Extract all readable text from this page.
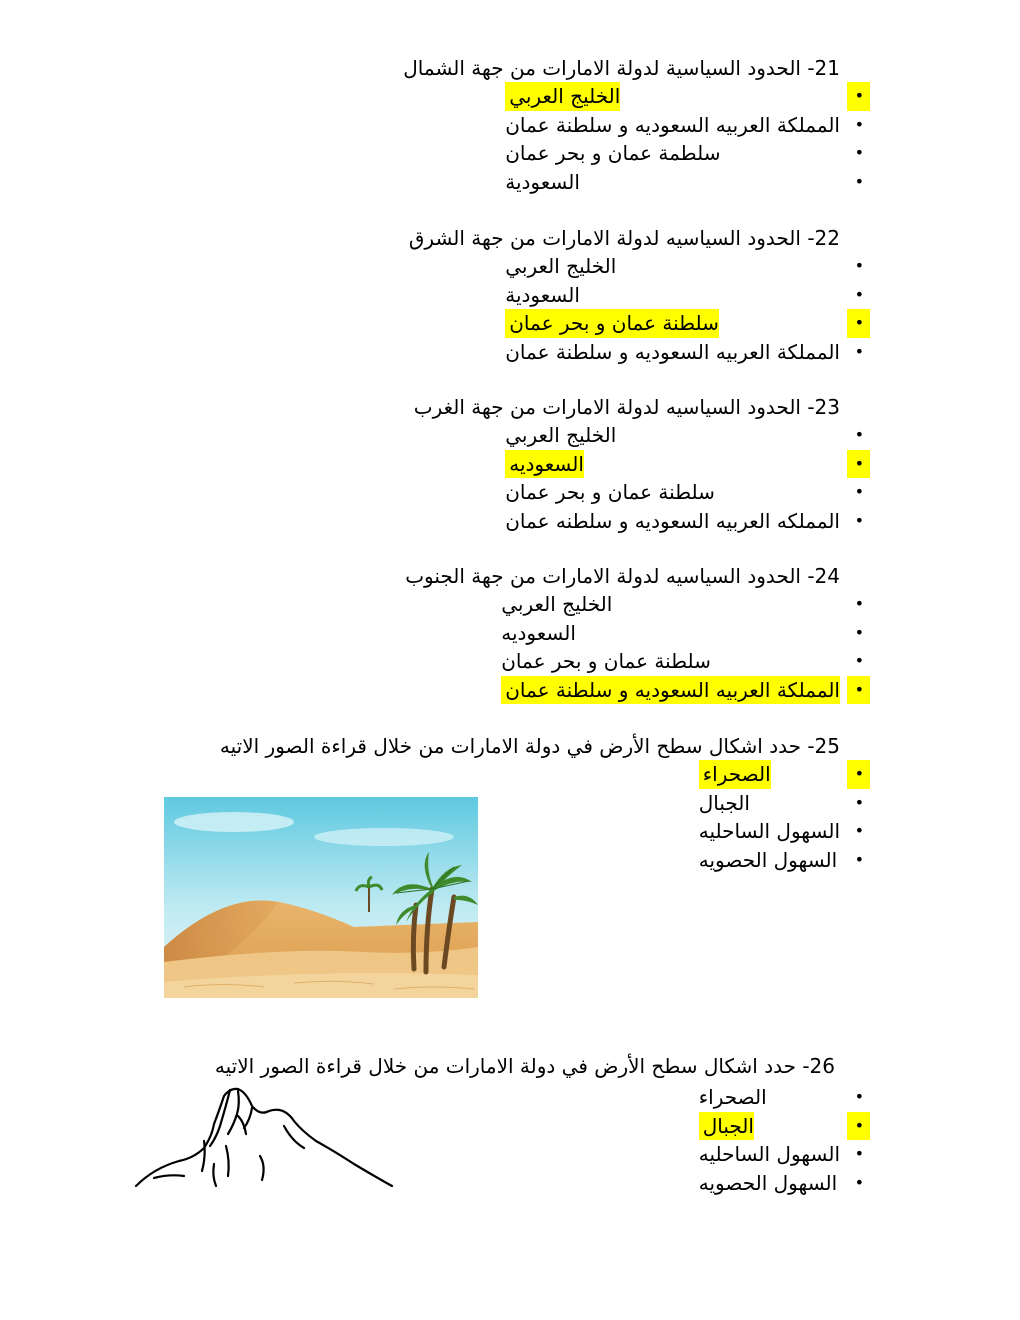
21- الحدود السياسية لدولة الامارات من جهة الشمال
الخليج العربي	•
المملكة العربيه السعوديه و سلطنة عمان •
سلطمة عمان و بحر عمان	•
السعودية	•
22- الحدود السياسيه لدولة الامارات من جهة الشرق
الخليج العربي	•
السعودية	•
سلطنة عمان و بحر عمان	•
المملكة العربيه السعوديه و سلطنة عمان •
23- الحدود السياسيه لدولة الامارات من جهة الغرب
الخليج العربي	•
السعوديه	•
سلطنة عمان و بحر عمان	•
المملكه العربيه السعوديه و سلطنه عمان •
24- الحدود السياسيه لدولة الامارات من جهة الجنوب
الخليج العربي	•
السعوديه	•
سلطنة عمان و بحر عمان	•
المملكة العربيه السعوديه و سلطنة عمان •
25- حدد اشكال سطح الأرض في دولة الامارات من خلال قراءة الصور الاتيه
الصحراء	•
الجبال	•
السهول الساحليه •
السهول الحصويه •
26- حدد اشكال سطح الأرض في دولة الامارات من خلال قراءة الصور الاتيه
الصحراء	•
الجبال	•
السهول الساحليه •
السهول الحصويه •
